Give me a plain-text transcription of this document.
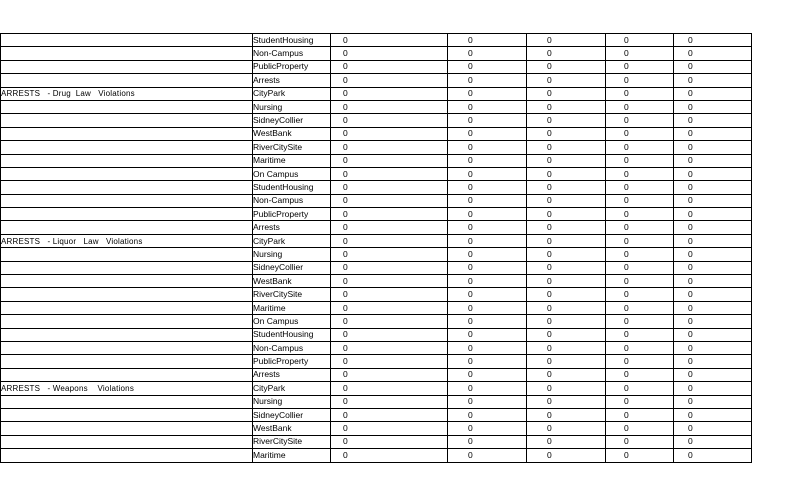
	StudentHousing	0	0	0	0	0
	Non-Campus	0	0	0	0	0
	PublicProperty	0	0	0	0	0
	Arrests	0	0	0	0	0
ARRESTS   - Drug  Law   Violations	CityPark	0	0	0	0	0
	Nursing	0	0	0	0	0
	SidneyCollier	0	0	0	0	0
	WestBank	0	0	0	0	0
	RiverCitySite	0	0	0	0	0
	Maritime	0	0	0	0	0
	On Campus	0	0	0	0	0
	StudentHousing	0	0	0	0	0
	Non-Campus	0	0	0	0	0
	PublicProperty	0	0	0	0	0
	Arrests	0	0	0	0	0
ARRESTS   - Liquor   Law   Violations	CityPark	0	0	0	0	0
	Nursing	0	0	0	0	0
	SidneyCollier	0	0	0	0	0
	WestBank	0	0	0	0	0
	RiverCitySite	0	0	0	0	0
	Maritime	0	0	0	0	0
	On Campus	0	0	0	0	0
	StudentHousing	0	0	0	0	0
	Non-Campus	0	0	0	0	0
	PublicProperty	0	0	0	0	0
	Arrests	0	0	0	0	0
ARRESTS   - Weapons    Violations	CityPark	0	0	0	0	0
	Nursing	0	0	0	0	0
	SidneyCollier	0	0	0	0	0
	WestBank	0	0	0	0	0
	RiverCitySite	0	0	0	0	0
	Maritime	0	0	0	0	0
